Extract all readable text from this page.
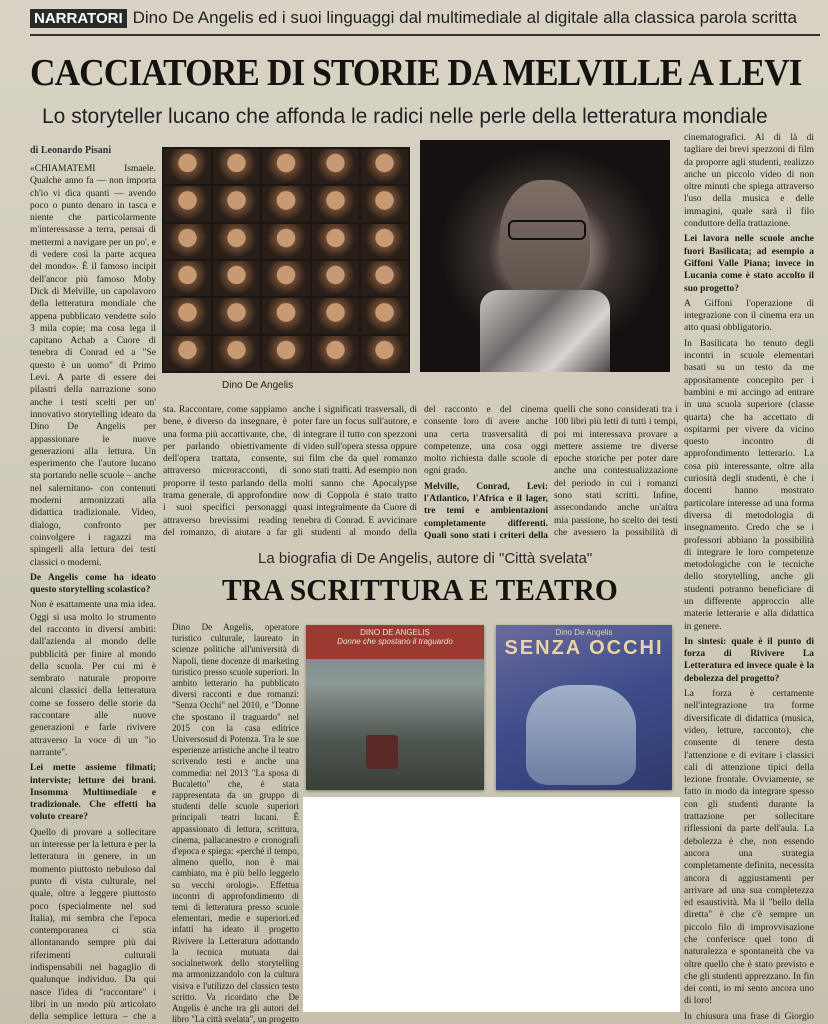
NARRATORI Dino De Angelis ed i suoi linguaggi dal multimediale al digitale alla classica parola scritta
CACCIATORE DI STORIE DA MELVILLE A LEVI
Lo storyteller lucano che affonda le radici nelle perle della letteratura mondiale
di Leonardo Pisani

«CHIAMATEMI Ismaele. Qualche anno fa — non importa ch'io vi dica quanti — avendo poco o punto denaro in tasca e niente che particolarmente m'interessasse a terra, pensai di mettermi a navigare per un po', e di vedere così la parte acquea del mondo». È il famoso incipit dell'ancor più famoso Moby Dick di Melville, un capolavoro della letteratura mondiale che appena pubblicato vendette solo 3 mila copie; ma cosa lega il capitano Achab a Cuore di tenebra di Conrad ed a "Se questo è un uomo" di Primo Levi. A parte di essere dei pilastri della narrazione sono anche i testi scelti per un' innovativo storytelling ideato da Dino De Angelis per appassionare le nuove generazioni alla lettura. Un esperimento che l'autore lucano sta portando nelle scuole – anche nel salernitano- con contenuti moderni armonizzati alla didattica tradizionale. Video, dialogo, confronto per coinvolgere i ragazzi ma spingerli alla lettura dei testi classici o moderni.

De Angelis come ha ideato questo storytelling scolastico?

Non è esattamente una mia idea. Oggi si usa molto lo strumento del racconto in diversi ambiti: dall'azienda al mondo delle pubblicità per finire al mondo della scuola. Per cui mi è sembrato naturale proporre alcuni classici della letteratura come se fossero delle storie da raccontare alle nuove generazioni e farle rivivere attraverso la voce di un "io narrante".

Lei mette assieme filmati; interviste; letture dei brani. Insomma Multimediale e tradizionale. Che effetti ha voluto creare?

Quello di provare a sollecitare un interesse per la lettura e per la letteratura in genere, in un momento piuttosto nebuloso dal punto di vista culturale, nel quale, oltre a leggere piuttosto poco (specialmente nel sud Italia), mi sembra che l'epoca contemporanea ci stia allontanando sempre più dai riferimenti culturali indispensabili nel bagaglio di qualunque individuo. Da qui nasce l'idea di "raccontare" i libri in un modo più articolato della semplice lettura – che a

Dino De Angelis

sta. Raccontare, come sappiamo bene, è diverso da insegnare, è una forma più accattivante, che, per parlando obiettivamente dell'opera trattata, consente, attraverso microracconti, di proporre il testo parlando della trama generale, di approfondire i suoi specifici personaggi attraverso brevissimi reading del romanzo, di aiutare a far

anche i significati trasversali, di poter fare un focus sull'autore, e di integrare il tutto con spezzoni di video sull'opera stessa oppure sui film che da quel romanzo sono stati tratti. Ad esempio non molti sanno che Apocalypse now di Coppola è stato tratto quasi integralmente da Cuore di tenebra di Conrad. E avvicinare gli studenti al mondo della

del racconto e del cinema consente loro di avere anche una certa trasversalità di competenze, una cosa oggi molto richiesta dalle scuole di ogni grado.

Melville, Conrad, Levi: l'Atlantico, l'Africa e il lager, tre temi e ambientazioni completamente differenti. Quali sono stati i criteri della

quelli che sono considerati tra i 100 libri più letti di tutti i tempi, poi mi interessava provare a mettere assieme tre diverse epoche storiche per poter dare anche una contestualizzazione del periodo in cui i romanzi sono stati scritti. Infine, assecondando anche un'altra mia passione, ho scelto dei testi che avessero la possibilità di

cinematografici. Al di là di tagliare dei brevi spezzoni di film da proporre agli studenti, realizzo anche un piccolo video di non oltre minuti che spiega attraverso l'uso della musica e delle immagini, quale sarà il filo conduttore della trattazione.

Lei lavora nelle scuole anche fuori Basilicata; ad esempio a Giffoni Valle Piana; invece in Lucania come è stato accolto il suo progetto?

A Giffoni l'operazione di integrazione con il cinema era un atto quasi obbligatorio.

In Basilicata ho tenuto degli incontri in scuole elementari basati su un testo da me appositamente concepito per i bambini e mi accingo ad entrare in una scuola superiore (classe quarta) che ha accettato di ospitarmi per vivere da vicino questo incontro di approfondimento letterario. La cosa più interessante, oltre alla curiosità degli studenti, è che i docenti hanno mostrato particolare interesse ad una forma diversa di metodologia di insegnamento. Credo che se i professori abbiano la possibilità di integrare le loro competenze metodologiche con le tecniche dello storytelling, anche gli studenti potranno beneficiare di un differente approccio alle materie letterarie e alla didattica in genere.

In sintesi: quale è il punto di forza di Rivivere La Letteratura ed invece quale è la debolezza del progetto?

La forza è certamente nell'integrazione tra forme diversificate di didattica (musica, video, letture, racconto), che consente di tenere desta l'attenzione e di evitare i classici cali di attenzione tipici della lezione frontale. Ovviamente, se fatto in modo da integrare spesso con gli studenti durante la trattazione per sollecitare riflessioni da parte dell'aula. La debolezza è che, non essendo ancora una strategia completamente definita, necessita ancora di aggiustamenti per arrivare ad una sua completezza ed esaustività. Ma il "bello della diretta" è che c'è sempre un piccolo filo di improvvisazione che conferisce quel tono di naturalezza e spontaneità che va oltre quello che è stato previsto e che gli studenti apprezzano. In fin dei conti, io mi sento ancora uno di loro!

In chiusura una frase di Giorgio

La biografia di De Angelis, autore di "Città svelata"
TRA SCRITTURA E TEATRO

Dino De Angelis, operatore turistico culturale, laureato in scienze politiche all'università di Napoli, tiene docenze di marketing turistico presso scuole superiori. In ambito letterario ha pubblicato diversi racconti e due romanzi: "Senza Occhi" nel 2010, e "Donne che spostano il traguardo" nel 2015 con la casa editrice Universosud di Potenza. Tra le sue esperienze artistiche anche il teatro scrivendo testi e anche una commedia: nel 2013 "La sposa di Bucaletto" che, è stata rappresentata da un gruppo di studenti delle scuole superiori principali teatri lucani. È appassionato di lettura, scrittura, cinema, pallacanestro e cronografi d'epoca e spiega: «perché il tempo, almeno quello, non è mai cambiato, ma è più bello leggerlo su vecchi orologi». Effettua incontri di approfondimento di temi di letteratura presso scuole elementari, medie e superiori.ed infatti ha ideato il progetto Rivivere la Letteratura adottando la tecnica mutuata dai socialnetwork dello storytelling ma armonizzandolo con la cultura visiva e l'utilizzo del classico testo scritto. Va ricordato che De Angelis è anche tra gli autori del libro "La città svelata", un progetto

DINO DE ANGELIS
Donne che spostano il traguardo
Dino De Angelis
SENZA OCCHI
